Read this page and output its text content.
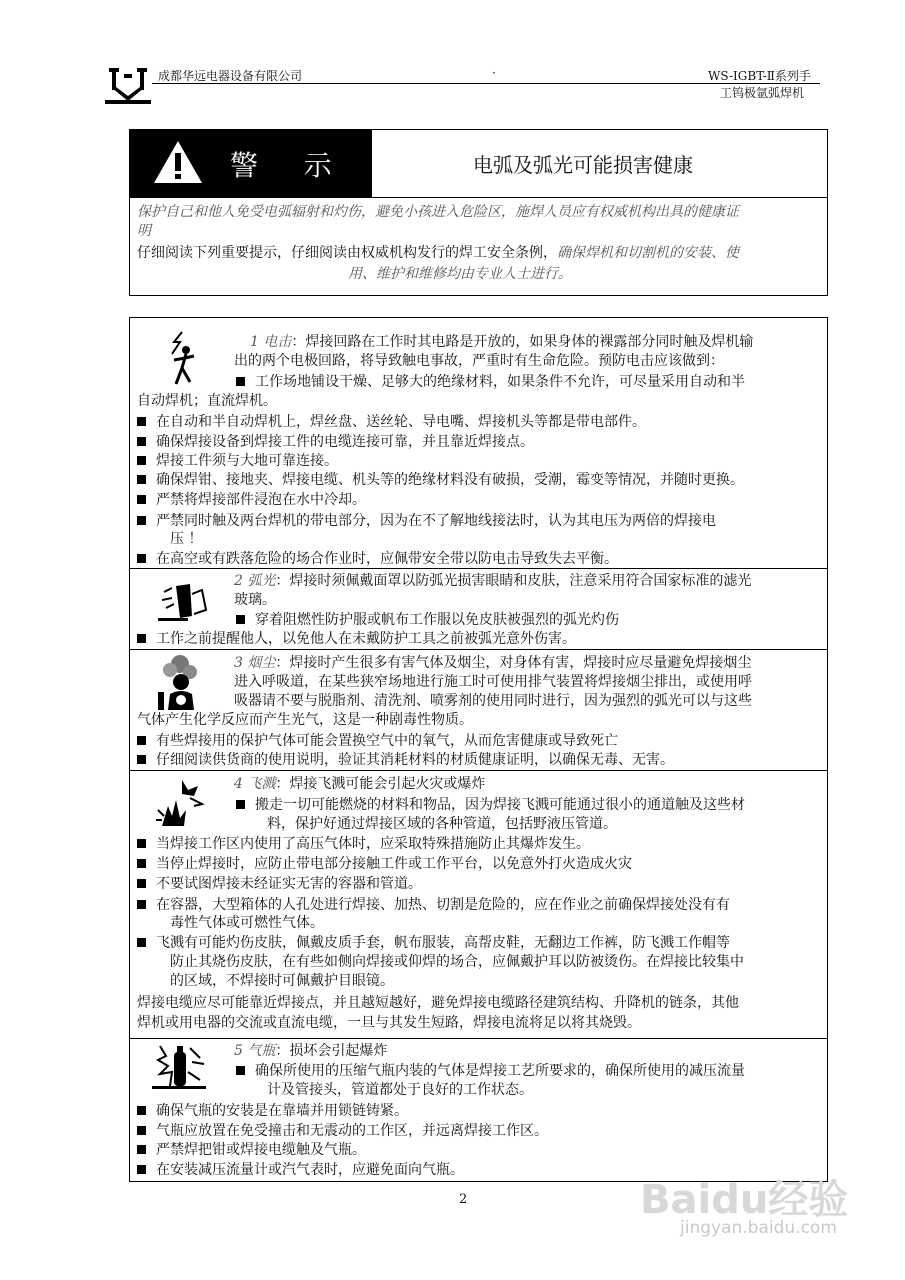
成都华远电器设备有限公司	·	WS-IGBT-Ⅱ系列手
工钨极氩弧焊机
警    示	电弧及弧光可能损害健康
保护自己和他人免受电弧辐射和灼伤，避免小孩进入危险区，施焊人员应有权威机构出具的健康证
明
仔细阅读下列重要提示，仔细阅读由权威机构发行的焊工安全条例，确保焊机和切割机的安装、使
用、维护和维修均由专业人士进行。
1 电击：焊接回路在工作时其电路是开放的，如果身体的裸露部分同时触及焊机输
出的两个电极回路，将导致触电事故，严重时有生命危险。预防电击应该做到：
工作场地铺设干燥、足够大的绝缘材料，如果条件不允许，可尽量采用自动和半
自动焊机；直流焊机。
在自动和半自动焊机上，焊丝盘、送丝轮、导电嘴、焊接机头等都是带电部件。
确保焊接设备到焊接工件的电缆连接可靠，并且靠近焊接点。
焊接工件须与大地可靠连接。
确保焊钳、接地夹、焊接电缆、机头等的绝缘材料没有破损，受潮，霉变等情况，并随时更换。
严禁将焊接部件浸泡在水中冷却。
严禁同时触及两台焊机的带电部分，因为在不了解地线接法时，认为其电压为两倍的焊接电
压 ！
在高空或有跌落危险的场合作业时，应佩带安全带以防电击导致失去平衡。
2 弧光：焊接时须佩戴面罩以防弧光损害眼睛和皮肤，注意采用符合国家标准的滤光
玻璃。
穿着阻燃性防护服或帆布工作服以免皮肤被强烈的弧光灼伤
工作之前提醒他人，以免他人在未戴防护工具之前被弧光意外伤害。
3 烟尘：焊接时产生很多有害气体及烟尘，对身体有害，焊接时应尽量避免焊接烟尘
进入呼吸道，在某些狭窄场地进行施工时可使用排气装置将焊接烟尘排出，或使用呼
吸器请不要与脱脂剂、清洗剂、喷雾剂的使用同时进行，因为强烈的弧光可以与这些
气体产生化学反应而产生光气，这是一种剧毒性物质。
有些焊接用的保护气体可能会置换空气中的氧气，从而危害健康或导致死亡
仔细阅读供货商的使用说明，验证其消耗材料的材质健康证明，以确保无毒、无害。
4 飞溅：焊接飞溅可能会引起火灾或爆炸
搬走一切可能燃烧的材料和物品，因为焊接飞溅可能通过很小的通道触及这些材
料，保护好通过焊接区域的各种管道，包括野液压管道。
当焊接工作区内使用了高压气体时，应采取特殊措施防止其爆炸发生。
当停止焊接时，应防止带电部分接触工件或工作平台，以免意外打火造成火灾
不要试图焊接未经证实无害的容器和管道。
在容器，大型箱体的人孔处进行焊接、加热、切割是危险的，应在作业之前确保焊接处没有有
毒性气体或可燃性气体。
飞溅有可能灼伤皮肤，佩戴皮质手套，帆布服装，高帮皮鞋，无翻边工作裤，防飞溅工作帽等
防止其烧伤皮肤，在有些如侧向焊接或仰焊的场合，应佩戴护耳以防被烫伤。在焊接比较集中
的区域，不焊接时可佩戴护目眼镜。
焊接电缆应尽可能靠近焊接点，并且越短越好，避免焊接电缆路径建筑结构、升降机的链条，其他
焊机或用电器的交流或直流电缆，一旦与其发生短路，焊接电流将足以将其烧毁。
5 气瓶：损坏会引起爆炸
确保所使用的压缩气瓶内装的气体是焊接工艺所要求的，确保所使用的减压流量
计及管接头，管道都处于良好的工作状态。
确保气瓶的安装是在靠墙并用锁链铸紧。
气瓶应放置在免受撞击和无震动的工作区，并远离焊接工作区。
严禁焊把钳或焊接电缆触及气瓶。
在安装减压流量计或汽气表时，应避免面向气瓶。
2	Baidu经验
jingyan.baidu.com
